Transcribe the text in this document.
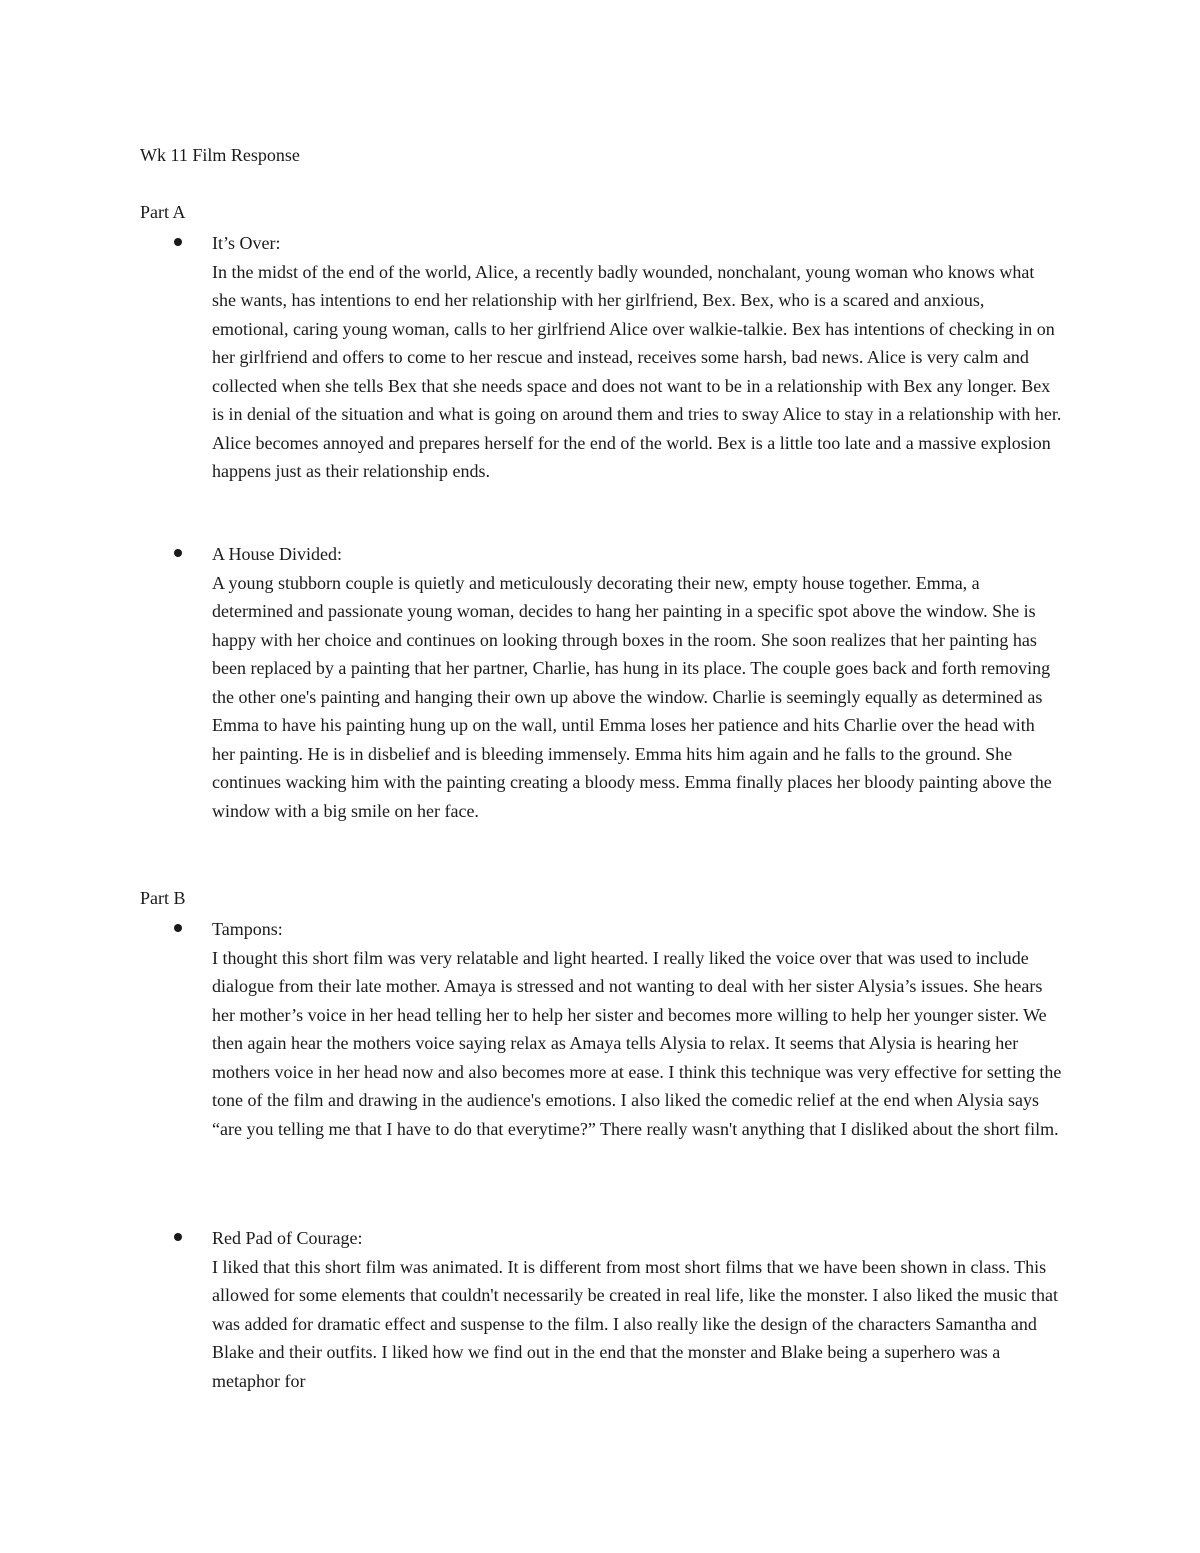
Wk 11 Film Response
Part A
It’s Over:

In the midst of the end of the world, Alice, a recently badly wounded, nonchalant, young woman who knows what she wants, has intentions to end her relationship with her girlfriend, Bex. Bex, who is a scared and anxious, emotional, caring young woman, calls to her girlfriend Alice over walkie-talkie. Bex has intentions of checking in on her girlfriend and offers to come to her rescue and instead, receives some harsh, bad news. Alice is very calm and collected when she tells Bex that she needs space and does not want to be in a relationship with Bex any longer. Bex is in denial of the situation and what is going on around them and tries to sway Alice to stay in a relationship with her. Alice becomes annoyed and prepares herself for the end of the world. Bex is a little too late and a massive explosion happens just as their relationship ends.

A House Divided:

A young stubborn couple is quietly and meticulously decorating their new, empty house together. Emma, a determined and passionate young woman, decides to hang her painting in a specific spot above the window. She is happy with her choice and continues on looking through boxes in the room. She soon realizes that her painting has been replaced by a painting that her partner, Charlie, has hung in its place. The couple goes back and forth removing the other one's painting and hanging their own up above the window. Charlie is seemingly equally as determined as Emma to have his painting hung up on the wall, until Emma loses her patience and hits Charlie over the head with her painting. He is in disbelief and is bleeding immensely. Emma hits him again and he falls to the ground. She continues wacking him with the painting creating a bloody mess. Emma finally places her bloody painting above the window with a big smile on her face.

Part B
Tampons:

I thought this short film was very relatable and light hearted. I really liked the voice over that was used to include dialogue from their late mother. Amaya is stressed and not wanting to deal with her sister Alysia’s issues. She hears her mother’s voice in her head telling her to help her sister and becomes more willing to help her younger sister. We then again hear the mothers voice saying relax as Amaya tells Alysia to relax. It seems that Alysia is hearing her mothers voice in her head now and also becomes more at ease. I think this technique was very effective for setting the tone of the film and drawing in the audience's emotions. I also liked the comedic relief at the end when Alysia says “are you telling me that I have to do that everytime?” There really wasn't anything that I disliked about the short film.

Red Pad of Courage:

I liked that this short film was animated. It is different from most short films that we have been shown in class. This allowed for some elements that couldn't necessarily be created in real life, like the monster. I also liked the music that was added for dramatic effect and suspense to the film. I also really like the design of the characters Samantha and Blake and their outfits. I liked how we find out in the end that the monster and Blake being a superhero was a metaphor for
